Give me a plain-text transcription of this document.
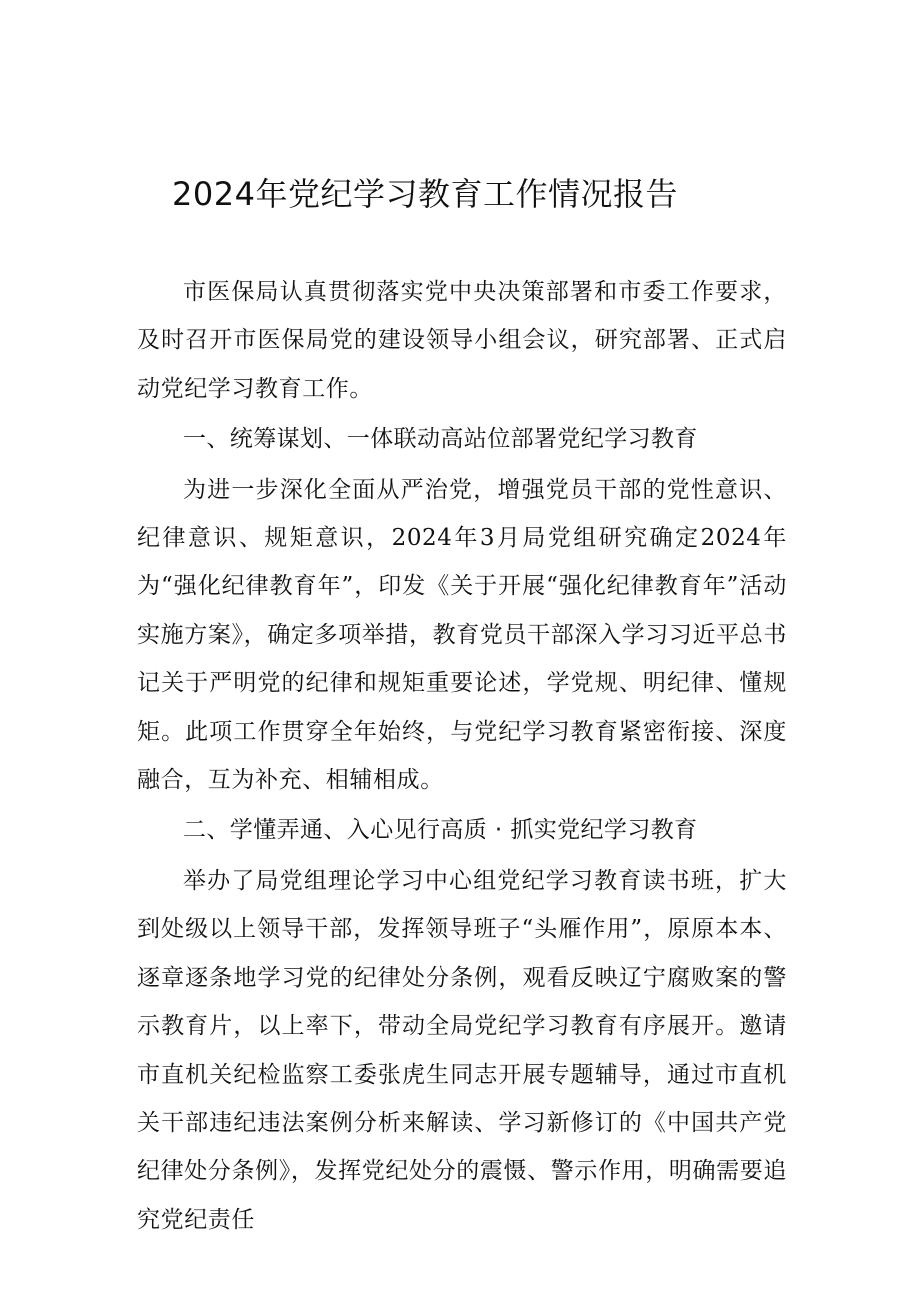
2024年党纪学习教育工作情况报告

市医保局认真贯彻落实党中央决策部署和市委工作要求，及时召开市医保局党的建设领导小组会议，研究部署、正式启动党纪学习教育工作。

一、统筹谋划、一体联动高站位部署党纪学习教育

为进一步深化全面从严治党，增强党员干部的党性意识、纪律意识、规矩意识，2024年3月局党组研究确定2024年为“强化纪律教育年”，印发《关于开展“强化纪律教育年”活动实施方案》，确定多项举措，教育党员干部深入学习习近平总书记关于严明党的纪律和规矩重要论述，学党规、明纪律、懂规矩。此项工作贯穿全年始终，与党纪学习教育紧密衔接、深度融合，互为补充、相辅相成。

二、学懂弄通、入心见行高质 · 抓实党纪学习教育

举办了局党组理论学习中心组党纪学习教育读书班，扩大到处级以上领导干部，发挥领导班子“头雁作用”，原原本本、逐章逐条地学习党的纪律处分条例，观看反映辽宁腐败案的警示教育片，以上率下，带动全局党纪学习教育有序展开。邀请市直机关纪检监察工委张虎生同志开展专题辅导，通过市直机关干部违纪违法案例分析来解读、学习新修订的《中国共产党纪律处分条例》，发挥党纪处分的震慑、警示作用，明确需要追究党纪责任
